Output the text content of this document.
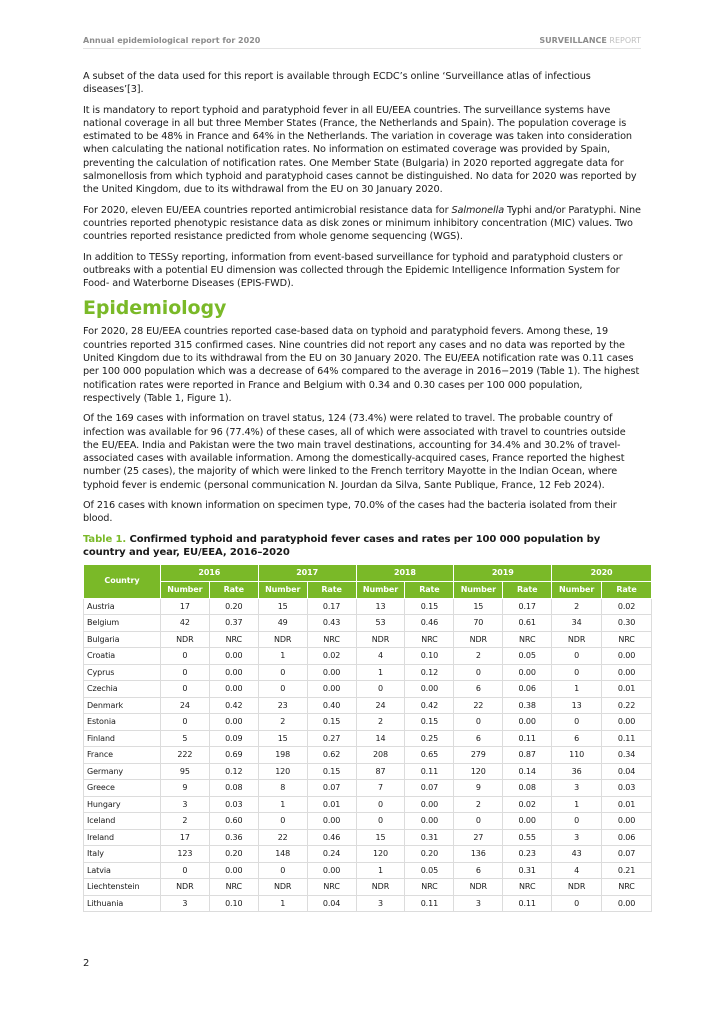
Annual epidemiological report for 2020	SURVEILLANCE REPORT

A subset of the data used for this report is available through ECDC’s online ‘Surveillance atlas of infectious diseases’[3].

It is mandatory to report typhoid and paratyphoid fever in all EU/EEA countries. The surveillance systems have national coverage in all but three Member States (France, the Netherlands and Spain). The population coverage is estimated to be 48% in France and 64% in the Netherlands. The variation in coverage was taken into consideration when calculating the national notification rates. No information on estimated coverage was provided by Spain, preventing the calculation of notification rates. One Member State (Bulgaria) in 2020 reported aggregate data for salmonellosis from which typhoid and paratyphoid cases cannot be distinguished. No data for 2020 was reported by the United Kingdom, due to its withdrawal from the EU on 30 January 2020.

For 2020, eleven EU/EEA countries reported antimicrobial resistance data for Salmonella Typhi and/or Paratyphi. Nine countries reported phenotypic resistance data as disk zones or minimum inhibitory concentration (MIC) values. Two countries reported resistance predicted from whole genome sequencing (WGS).

In addition to TESSy reporting, information from event-based surveillance for typhoid and paratyphoid clusters or outbreaks with a potential EU dimension was collected through the Epidemic Intelligence Information System for Food- and Waterborne Diseases (EPIS-FWD).

Epidemiology

For 2020, 28 EU/EEA countries reported case-based data on typhoid and paratyphoid fevers. Among these, 19 countries reported 315 confirmed cases. Nine countries did not report any cases and no data was reported by the United Kingdom due to its withdrawal from the EU on 30 January 2020. The EU/EEA notification rate was 0.11 cases per 100 000 population which was a decrease of 64% compared to the average in 2016−2019 (Table 1). The highest notification rates were reported in France and Belgium with 0.34 and 0.30 cases per 100 000 population, respectively (Table 1, Figure 1).

Of the 169 cases with information on travel status, 124 (73.4%) were related to travel. The probable country of infection was available for 96 (77.4%) of these cases, all of which were associated with travel to countries outside the EU/EEA. India and Pakistan were the two main travel destinations, accounting for 34.4% and 30.2% of travel-associated cases with available information. Among the domestically-acquired cases, France reported the highest number (25 cases), the majority of which were linked to the French territory Mayotte in the Indian Ocean, where typhoid fever is endemic (personal communication N. Jourdan da Silva, Sante Publique, France, 12 Feb 2024).

Of 216 cases with known information on specimen type, 70.0% of the cases had the bacteria isolated from their blood.

Table 1. Confirmed typhoid and paratyphoid fever cases and rates per 100 000 population by country and year, EU/EEA, 2016–2020
Country	2016		2017		2018		2019		2020	
	Number	Rate	Number	Rate	Number	Rate	Number	Rate	Number	Rate
Austria	17	0.20	15	0.17	13	0.15	15	0.17	2	0.02
Belgium	42	0.37	49	0.43	53	0.46	70	0.61	34	0.30
Bulgaria	NDR	NRC	NDR	NRC	NDR	NRC	NDR	NRC	NDR	NRC
Croatia	0	0.00	1	0.02	4	0.10	2	0.05	0	0.00
Cyprus	0	0.00	0	0.00	1	0.12	0	0.00	0	0.00
Czechia	0	0.00	0	0.00	0	0.00	6	0.06	1	0.01
Denmark	24	0.42	23	0.40	24	0.42	22	0.38	13	0.22
Estonia	0	0.00	2	0.15	2	0.15	0	0.00	0	0.00
Finland	5	0.09	15	0.27	14	0.25	6	0.11	6	0.11
France	222	0.69	198	0.62	208	0.65	279	0.87	110	0.34
Germany	95	0.12	120	0.15	87	0.11	120	0.14	36	0.04
Greece	9	0.08	8	0.07	7	0.07	9	0.08	3	0.03
Hungary	3	0.03	1	0.01	0	0.00	2	0.02	1	0.01
Iceland	2	0.60	0	0.00	0	0.00	0	0.00	0	0.00
Ireland	17	0.36	22	0.46	15	0.31	27	0.55	3	0.06
Italy	123	0.20	148	0.24	120	0.20	136	0.23	43	0.07
Latvia	0	0.00	0	0.00	1	0.05	6	0.31	4	0.21
Liechtenstein	NDR	NRC	NDR	NRC	NDR	NRC	NDR	NRC	NDR	NRC
Lithuania	3	0.10	1	0.04	3	0.11	3	0.11	0	0.00
2
